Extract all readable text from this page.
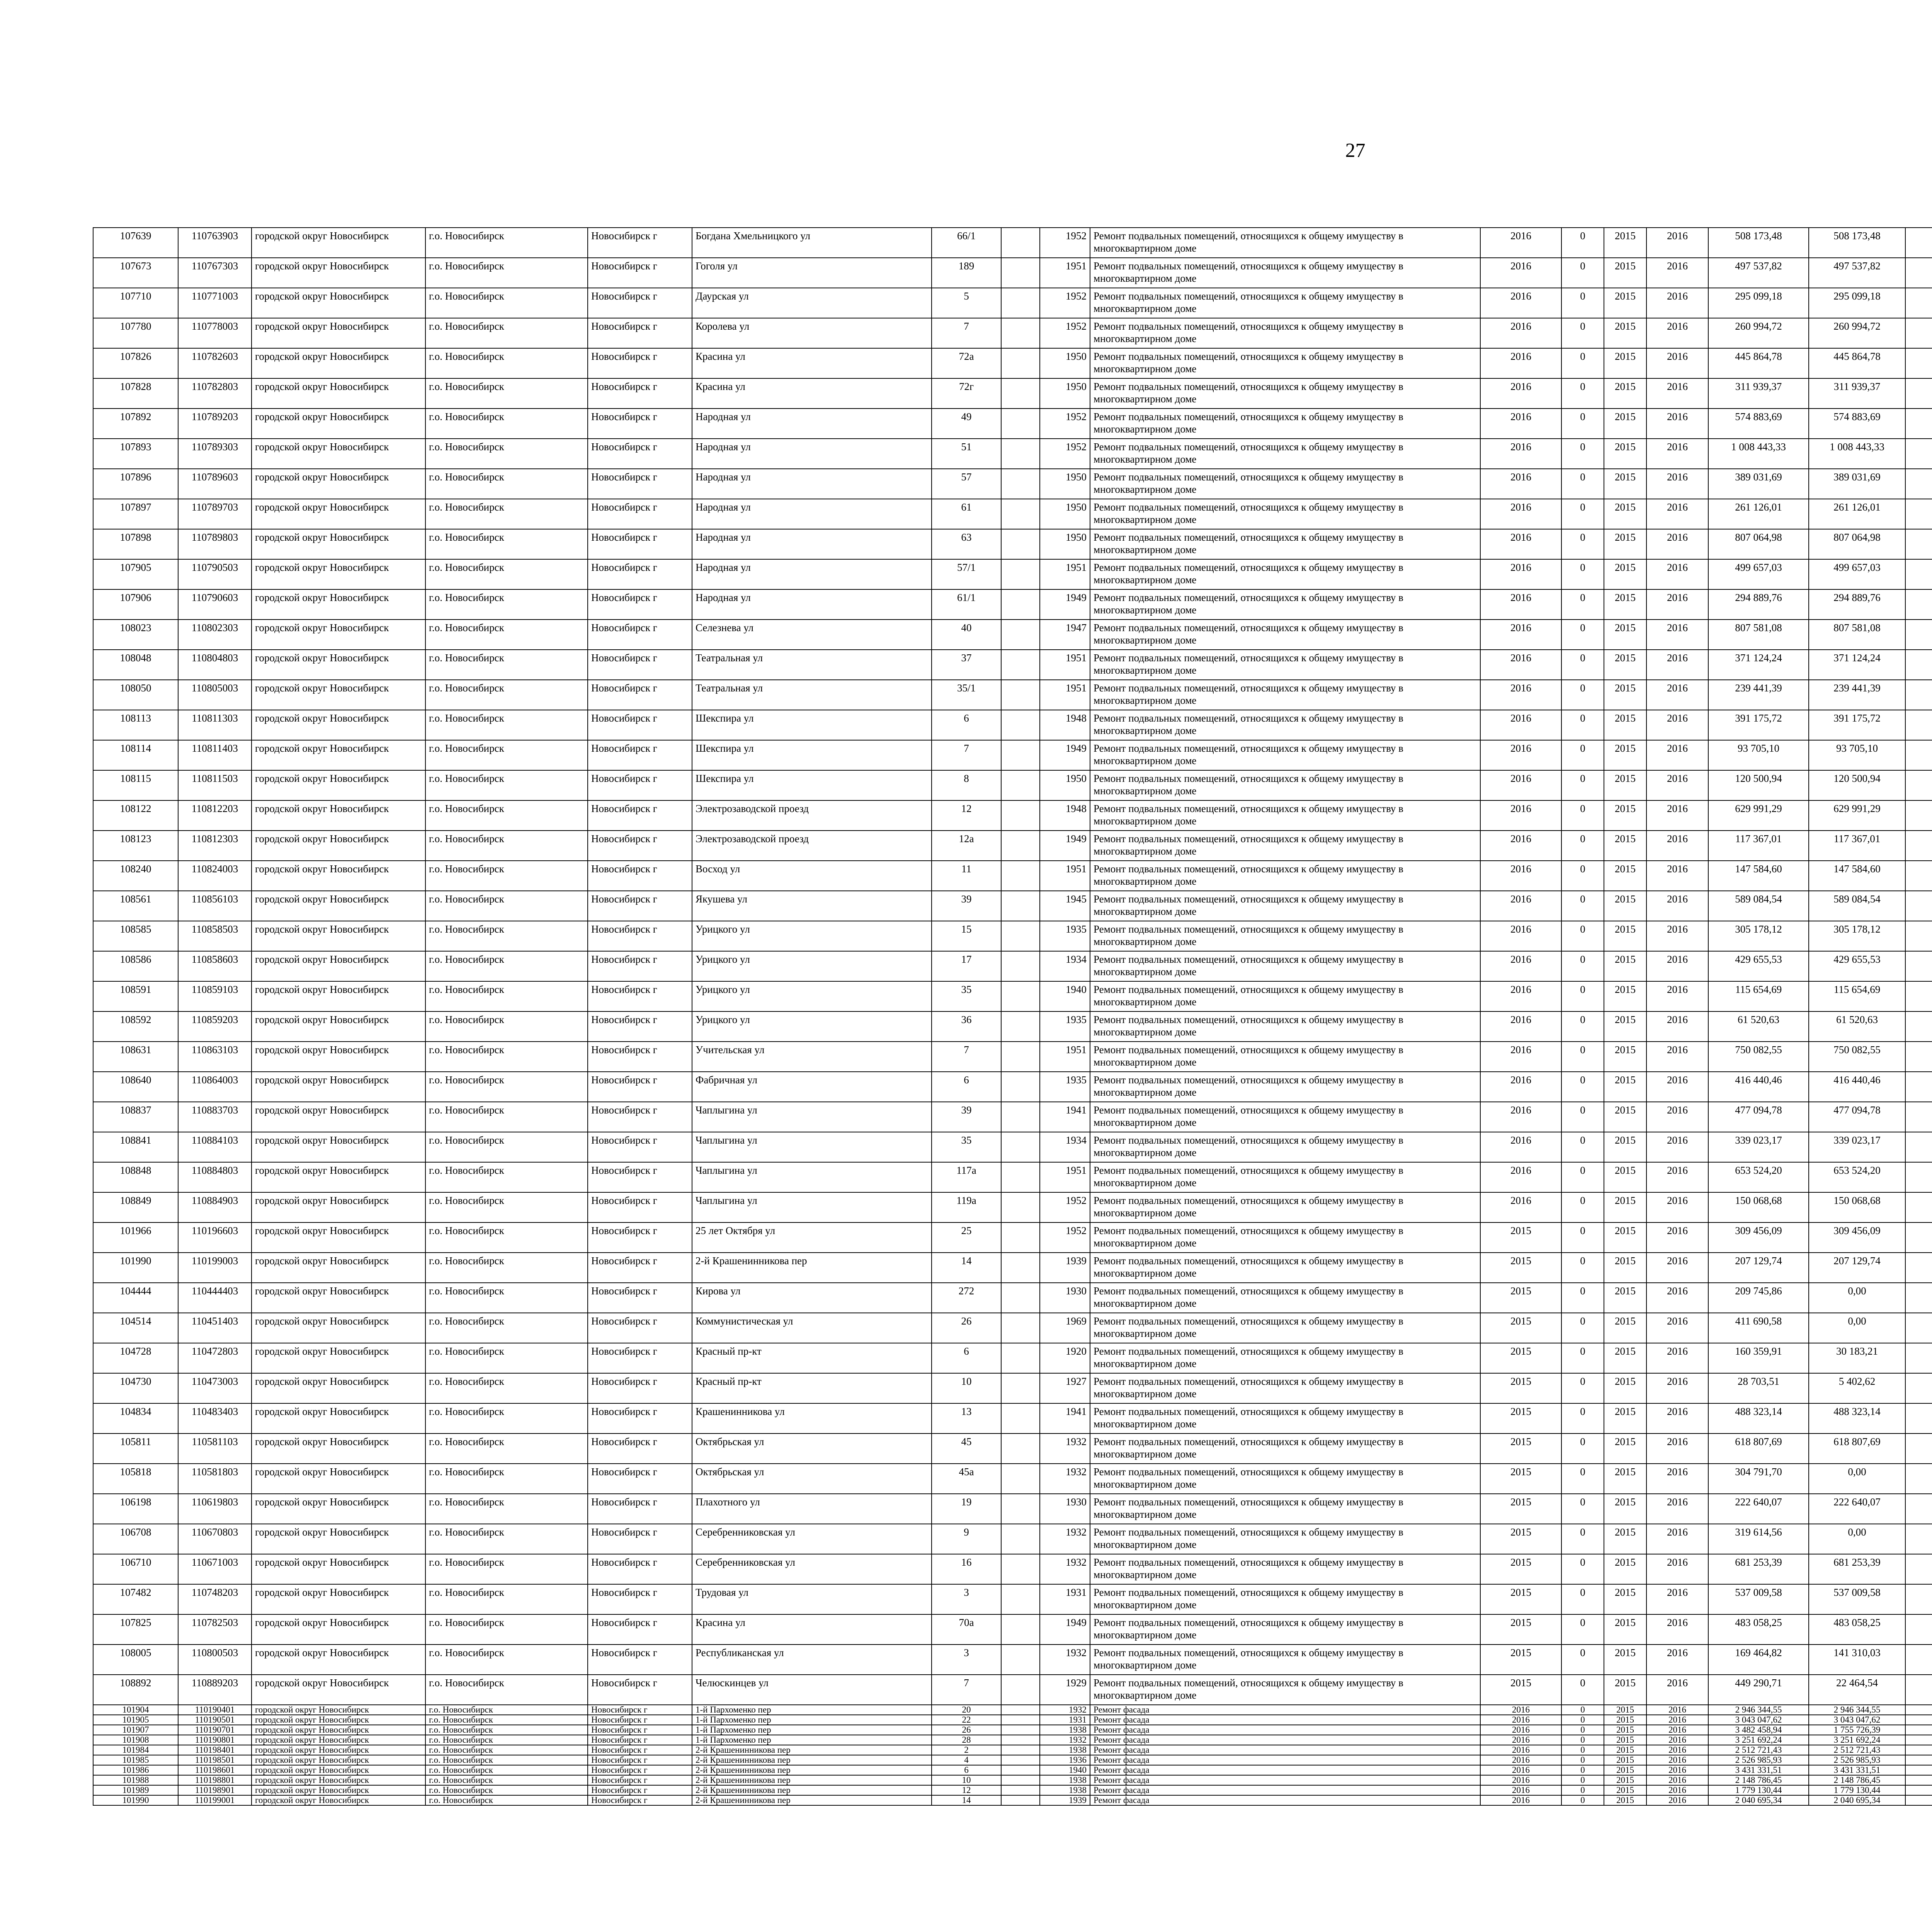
27
107639	110763903	городской округ Новосибирск	г.о. Новосибирск	Новосибирск г	Богдана Хмельницкого ул	66/1		1952	Ремонт подвальных помещений, относящихся к общему имуществу в многоквартирном доме	2016	0	2015	2016	508 173,48	508 173,48						
107673	110767303	городской округ Новосибирск	г.о. Новосибирск	Новосибирск г	Гоголя ул	189		1951	Ремонт подвальных помещений, относящихся к общему имуществу в многоквартирном доме	2016	0	2015	2016	497 537,82	497 537,82						
107710	110771003	городской округ Новосибирск	г.о. Новосибирск	Новосибирск г	Даурская ул	5		1952	Ремонт подвальных помещений, относящихся к общему имуществу в многоквартирном доме	2016	0	2015	2016	295 099,18	295 099,18						
107780	110778003	городской округ Новосибирск	г.о. Новосибирск	Новосибирск г	Королева ул	7		1952	Ремонт подвальных помещений, относящихся к общему имуществу в многоквартирном доме	2016	0	2015	2016	260 994,72	260 994,72						
107826	110782603	городской округ Новосибирск	г.о. Новосибирск	Новосибирск г	Красина ул	72а		1950	Ремонт подвальных помещений, относящихся к общему имуществу в многоквартирном доме	2016	0	2015	2016	445 864,78	445 864,78						
107828	110782803	городской округ Новосибирск	г.о. Новосибирск	Новосибирск г	Красина ул	72г		1950	Ремонт подвальных помещений, относящихся к общему имуществу в многоквартирном доме	2016	0	2015	2016	311 939,37	311 939,37						
107892	110789203	городской округ Новосибирск	г.о. Новосибирск	Новосибирск г	Народная ул	49		1952	Ремонт подвальных помещений, относящихся к общему имуществу в многоквартирном доме	2016	0	2015	2016	574 883,69	574 883,69						
107893	110789303	городской округ Новосибирск	г.о. Новосибирск	Новосибирск г	Народная ул	51		1952	Ремонт подвальных помещений, относящихся к общему имуществу в многоквартирном доме	2016	0	2015	2016	1 008 443,33	1 008 443,33						
107896	110789603	городской округ Новосибирск	г.о. Новосибирск	Новосибирск г	Народная ул	57		1950	Ремонт подвальных помещений, относящихся к общему имуществу в многоквартирном доме	2016	0	2015	2016	389 031,69	389 031,69						
107897	110789703	городской округ Новосибирск	г.о. Новосибирск	Новосибирск г	Народная ул	61		1950	Ремонт подвальных помещений, относящихся к общему имуществу в многоквартирном доме	2016	0	2015	2016	261 126,01	261 126,01						
107898	110789803	городской округ Новосибирск	г.о. Новосибирск	Новосибирск г	Народная ул	63		1950	Ремонт подвальных помещений, относящихся к общему имуществу в многоквартирном доме	2016	0	2015	2016	807 064,98	807 064,98						
107905	110790503	городской округ Новосибирск	г.о. Новосибирск	Новосибирск г	Народная ул	57/1		1951	Ремонт подвальных помещений, относящихся к общему имуществу в многоквартирном доме	2016	0	2015	2016	499 657,03	499 657,03						
107906	110790603	городской округ Новосибирск	г.о. Новосибирск	Новосибирск г	Народная ул	61/1		1949	Ремонт подвальных помещений, относящихся к общему имуществу в многоквартирном доме	2016	0	2015	2016	294 889,76	294 889,76						
108023	110802303	городской округ Новосибирск	г.о. Новосибирск	Новосибирск г	Селезнева ул	40		1947	Ремонт подвальных помещений, относящихся к общему имуществу в многоквартирном доме	2016	0	2015	2016	807 581,08	807 581,08						
108048	110804803	городской округ Новосибирск	г.о. Новосибирск	Новосибирск г	Театральная ул	37		1951	Ремонт подвальных помещений, относящихся к общему имуществу в многоквартирном доме	2016	0	2015	2016	371 124,24	371 124,24						
108050	110805003	городской округ Новосибирск	г.о. Новосибирск	Новосибирск г	Театральная ул	35/1		1951	Ремонт подвальных помещений, относящихся к общему имуществу в многоквартирном доме	2016	0	2015	2016	239 441,39	239 441,39						
108113	110811303	городской округ Новосибирск	г.о. Новосибирск	Новосибирск г	Шекспира ул	6		1948	Ремонт подвальных помещений, относящихся к общему имуществу в многоквартирном доме	2016	0	2015	2016	391 175,72	391 175,72						
108114	110811403	городской округ Новосибирск	г.о. Новосибирск	Новосибирск г	Шекспира ул	7		1949	Ремонт подвальных помещений, относящихся к общему имуществу в многоквартирном доме	2016	0	2015	2016	93 705,10	93 705,10						
108115	110811503	городской округ Новосибирск	г.о. Новосибирск	Новосибирск г	Шекспира ул	8		1950	Ремонт подвальных помещений, относящихся к общему имуществу в многоквартирном доме	2016	0	2015	2016	120 500,94	120 500,94						
108122	110812203	городской округ Новосибирск	г.о. Новосибирск	Новосибирск г	Электрозаводской проезд	12		1948	Ремонт подвальных помещений, относящихся к общему имуществу в многоквартирном доме	2016	0	2015	2016	629 991,29	629 991,29						
108123	110812303	городской округ Новосибирск	г.о. Новосибирск	Новосибирск г	Электрозаводской проезд	12а		1949	Ремонт подвальных помещений, относящихся к общему имуществу в многоквартирном доме	2016	0	2015	2016	117 367,01	117 367,01						
108240	110824003	городской округ Новосибирск	г.о. Новосибирск	Новосибирск г	Восход ул	11		1951	Ремонт подвальных помещений, относящихся к общему имуществу в многоквартирном доме	2016	0	2015	2016	147 584,60	147 584,60						
108561	110856103	городской округ Новосибирск	г.о. Новосибирск	Новосибирск г	Якушева ул	39		1945	Ремонт подвальных помещений, относящихся к общему имуществу в многоквартирном доме	2016	0	2015	2016	589 084,54	589 084,54						
108585	110858503	городской округ Новосибирск	г.о. Новосибирск	Новосибирск г	Урицкого ул	15		1935	Ремонт подвальных помещений, относящихся к общему имуществу в многоквартирном доме	2016	0	2015	2016	305 178,12	305 178,12						
108586	110858603	городской округ Новосибирск	г.о. Новосибирск	Новосибирск г	Урицкого ул	17		1934	Ремонт подвальных помещений, относящихся к общему имуществу в многоквартирном доме	2016	0	2015	2016	429 655,53	429 655,53						
108591	110859103	городской округ Новосибирск	г.о. Новосибирск	Новосибирск г	Урицкого ул	35		1940	Ремонт подвальных помещений, относящихся к общему имуществу в многоквартирном доме	2016	0	2015	2016	115 654,69	115 654,69						
108592	110859203	городской округ Новосибирск	г.о. Новосибирск	Новосибирск г	Урицкого ул	36		1935	Ремонт подвальных помещений, относящихся к общему имуществу в многоквартирном доме	2016	0	2015	2016	61 520,63	61 520,63						
108631	110863103	городской округ Новосибирск	г.о. Новосибирск	Новосибирск г	Учительская ул	7		1951	Ремонт подвальных помещений, относящихся к общему имуществу в многоквартирном доме	2016	0	2015	2016	750 082,55	750 082,55						
108640	110864003	городской округ Новосибирск	г.о. Новосибирск	Новосибирск г	Фабричная ул	6		1935	Ремонт подвальных помещений, относящихся к общему имуществу в многоквартирном доме	2016	0	2015	2016	416 440,46	416 440,46						
108837	110883703	городской округ Новосибирск	г.о. Новосибирск	Новосибирск г	Чаплыгина ул	39		1941	Ремонт подвальных помещений, относящихся к общему имуществу в многоквартирном доме	2016	0	2015	2016	477 094,78	477 094,78						
108841	110884103	городской округ Новосибирск	г.о. Новосибирск	Новосибирск г	Чаплыгина ул	35		1934	Ремонт подвальных помещений, относящихся к общему имуществу в многоквартирном доме	2016	0	2015	2016	339 023,17	339 023,17						
108848	110884803	городской округ Новосибирск	г.о. Новосибирск	Новосибирск г	Чаплыгина ул	117а		1951	Ремонт подвальных помещений, относящихся к общему имуществу в многоквартирном доме	2016	0	2015	2016	653 524,20	653 524,20						
108849	110884903	городской округ Новосибирск	г.о. Новосибирск	Новосибирск г	Чаплыгина ул	119а		1952	Ремонт подвальных помещений, относящихся к общему имуществу в многоквартирном доме	2016	0	2015	2016	150 068,68	150 068,68						
101966	110196603	городской округ Новосибирск	г.о. Новосибирск	Новосибирск г	25 лет Октября ул	25		1952	Ремонт подвальных помещений, относящихся к общему имуществу в многоквартирном доме	2015	0	2015	2016	309 456,09	309 456,09						
101990	110199003	городской округ Новосибирск	г.о. Новосибирск	Новосибирск г	2-й Крашенинникова пер	14		1939	Ремонт подвальных помещений, относящихся к общему имуществу в многоквартирном доме	2015	0	2015	2016	207 129,74	207 129,74						
104444	110444403	городской округ Новосибирск	г.о. Новосибирск	Новосибирск г	Кирова ул	272		1930	Ремонт подвальных помещений, относящихся к общему имуществу в многоквартирном доме	2015	0	2015	2016	209 745,86	0,00						
104514	110451403	городской округ Новосибирск	г.о. Новосибирск	Новосибирск г	Коммунистическая ул	26		1969	Ремонт подвальных помещений, относящихся к общему имуществу в многоквартирном доме	2015	0	2015	2016	411 690,58	0,00						
104728	110472803	городской округ Новосибирск	г.о. Новосибирск	Новосибирск г	Красный пр-кт	6		1920	Ремонт подвальных помещений, относящихся к общему имуществу в многоквартирном доме	2015	0	2015	2016	160 359,91	30 183,21						
104730	110473003	городской округ Новосибирск	г.о. Новосибирск	Новосибирск г	Красный пр-кт	10		1927	Ремонт подвальных помещений, относящихся к общему имуществу в многоквартирном доме	2015	0	2015	2016	28 703,51	5 402,62						
104834	110483403	городской округ Новосибирск	г.о. Новосибирск	Новосибирск г	Крашенинникова ул	13		1941	Ремонт подвальных помещений, относящихся к общему имуществу в многоквартирном доме	2015	0	2015	2016	488 323,14	488 323,14						
105811	110581103	городской округ Новосибирск	г.о. Новосибирск	Новосибирск г	Октябрьская ул	45		1932	Ремонт подвальных помещений, относящихся к общему имуществу в многоквартирном доме	2015	0	2015	2016	618 807,69	618 807,69						
105818	110581803	городской округ Новосибирск	г.о. Новосибирск	Новосибирск г	Октябрьская ул	45а		1932	Ремонт подвальных помещений, относящихся к общему имуществу в многоквартирном доме	2015	0	2015	2016	304 791,70	0,00						
106198	110619803	городской округ Новосибирск	г.о. Новосибирск	Новосибирск г	Плахотного ул	19		1930	Ремонт подвальных помещений, относящихся к общему имуществу в многоквартирном доме	2015	0	2015	2016	222 640,07	222 640,07						
106708	110670803	городской округ Новосибирск	г.о. Новосибирск	Новосибирск г	Серебренниковская ул	9		1932	Ремонт подвальных помещений, относящихся к общему имуществу в многоквартирном доме	2015	0	2015	2016	319 614,56	0,00						
106710	110671003	городской округ Новосибирск	г.о. Новосибирск	Новосибирск г	Серебренниковская ул	16		1932	Ремонт подвальных помещений, относящихся к общему имуществу в многоквартирном доме	2015	0	2015	2016	681 253,39	681 253,39						
107482	110748203	городской округ Новосибирск	г.о. Новосибирск	Новосибирск г	Трудовая ул	3		1931	Ремонт подвальных помещений, относящихся к общему имуществу в многоквартирном доме	2015	0	2015	2016	537 009,58	537 009,58						
107825	110782503	городской округ Новосибирск	г.о. Новосибирск	Новосибирск г	Красина ул	70а		1949	Ремонт подвальных помещений, относящихся к общему имуществу в многоквартирном доме	2015	0	2015	2016	483 058,25	483 058,25						
108005	110800503	городской округ Новосибирск	г.о. Новосибирск	Новосибирск г	Республиканская ул	3		1932	Ремонт подвальных помещений, относящихся к общему имуществу в многоквартирном доме	2015	0	2015	2016	169 464,82	141 310,03						
108892	110889203	городской округ Новосибирск	г.о. Новосибирск	Новосибирск г	Челюскинцев ул	7		1929	Ремонт подвальных помещений, относящихся к общему имуществу в многоквартирном доме	2015	0	2015	2016	449 290,71	22 464,54						
101904	110190401	городской округ Новосибирск	г.о. Новосибирск	Новосибирск г	1-й Пархоменко пер	20		1932	Ремонт фасада	2016	0	2015	2016	2 946 344,55	2 946 344,55						
101905	110190501	городской округ Новосибирск	г.о. Новосибирск	Новосибирск г	1-й Пархоменко пер	22		1931	Ремонт фасада	2016	0	2015	2016	3 043 047,62	3 043 047,62						
101907	110190701	городской округ Новосибирск	г.о. Новосибирск	Новосибирск г	1-й Пархоменко пер	26		1938	Ремонт фасада	2016	0	2015	2016	3 482 458,94	1 755 726,39						
101908	110190801	городской округ Новосибирск	г.о. Новосибирск	Новосибирск г	1-й Пархоменко пер	28		1932	Ремонт фасада	2016	0	2015	2016	3 251 692,24	3 251 692,24						
101984	110198401	городской округ Новосибирск	г.о. Новосибирск	Новосибирск г	2-й Крашенинникова пер	2		1938	Ремонт фасада	2016	0	2015	2016	2 512 721,43	2 512 721,43						
101985	110198501	городской округ Новосибирск	г.о. Новосибирск	Новосибирск г	2-й Крашенинникова пер	4		1936	Ремонт фасада	2016	0	2015	2016	2 526 985,93	2 526 985,93						
101986	110198601	городской округ Новосибирск	г.о. Новосибирск	Новосибирск г	2-й Крашенинникова пер	6		1940	Ремонт фасада	2016	0	2015	2016	3 431 331,51	3 431 331,51						
101988	110198801	городской округ Новосибирск	г.о. Новосибирск	Новосибирск г	2-й Крашенинникова пер	10		1938	Ремонт фасада	2016	0	2015	2016	2 148 786,45	2 148 786,45						
101989	110198901	городской округ Новосибирск	г.о. Новосибирск	Новосибирск г	2-й Крашенинникова пер	12		1938	Ремонт фасада	2016	0	2015	2016	1 779 130,44	1 779 130,44						
101990	110199001	городской округ Новосибирск	г.о. Новосибирск	Новосибирск г	2-й Крашенинникова пер	14		1939	Ремонт фасада	2016	0	2015	2016	2 040 695,34	2 040 695,34						
